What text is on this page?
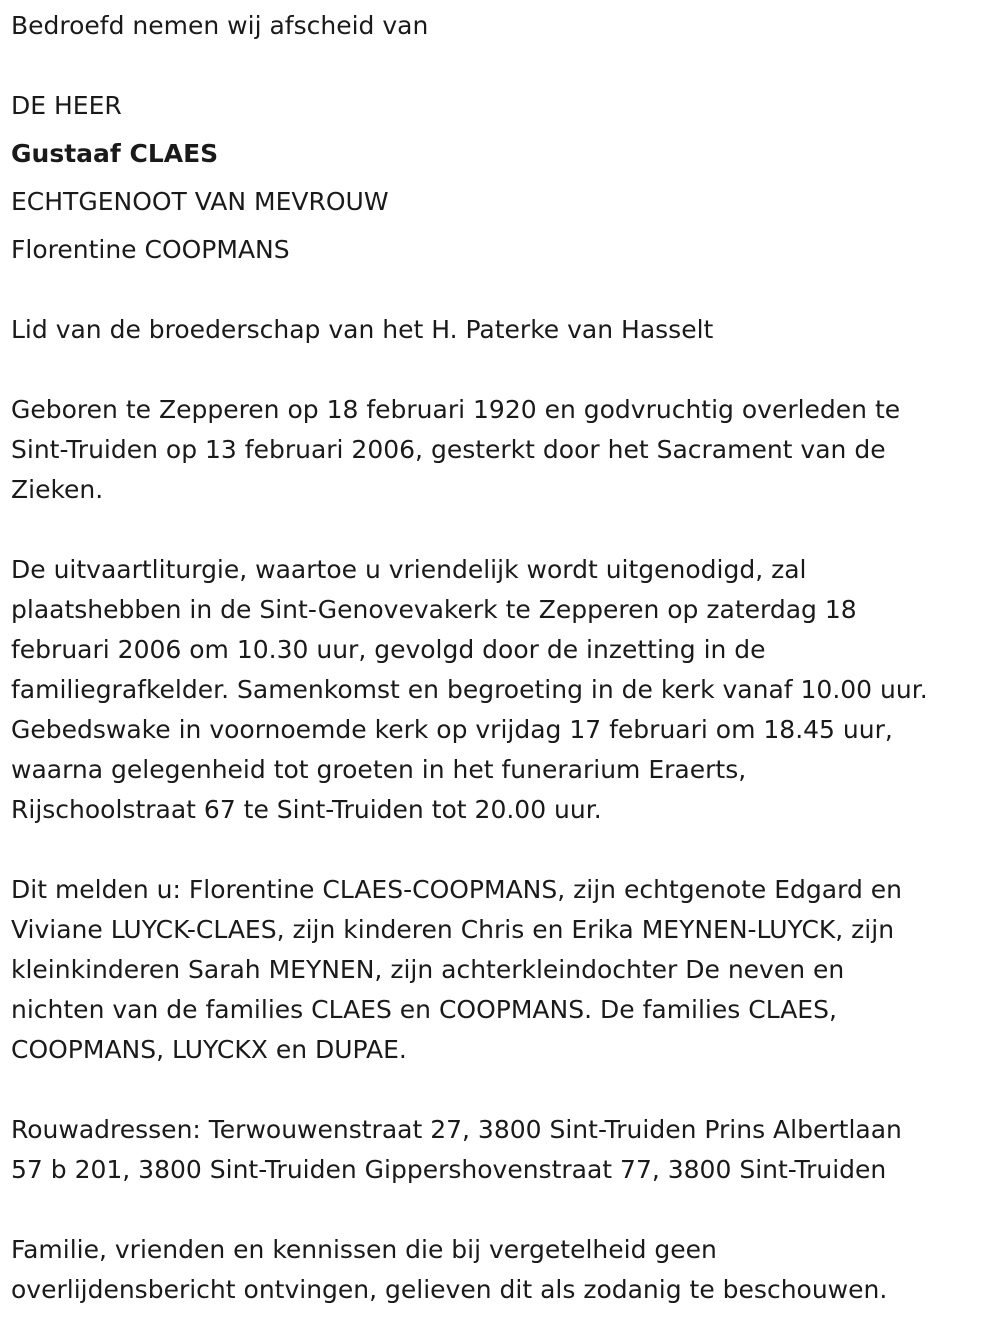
Bedroefd nemen wij afscheid van

DE HEER

Gustaaf CLAES

ECHTGENOOT VAN MEVROUW

Florentine COOPMANS

Lid van de broederschap van het H. Paterke van Hasselt

Geboren te Zepperen op 18 februari 1920 en godvruchtig overleden te
Sint-Truiden op 13 februari 2006, gesterkt door het Sacrament van de
Zieken.
De uitvaartliturgie, waartoe u vriendelijk wordt uitgenodigd, zal
plaatshebben in de Sint-Genovevakerk te Zepperen op zaterdag 18
februari 2006 om 10.30 uur, gevolgd door de inzetting in de
familiegrafkelder. Samenkomst en begroeting in de kerk vanaf 10.00 uur.
Gebedswake in voornoemde kerk op vrijdag 17 februari om 18.45 uur,
waarna gelegenheid tot groeten in het funerarium Eraerts,
Rijschoolstraat 67 te Sint-Truiden tot 20.00 uur.
Dit melden u: Florentine CLAES-COOPMANS, zijn echtgenote Edgard en
Viviane LUYCK-CLAES, zijn kinderen Chris en Erika MEYNEN-LUYCK, zijn
kleinkinderen Sarah MEYNEN, zijn achterkleindochter De neven en
nichten van de families CLAES en COOPMANS. De families CLAES,
COOPMANS, LUYCKX en DUPAE.
Rouwadressen: Terwouwenstraat 27, 3800 Sint-Truiden Prins Albertlaan
57 b 201, 3800 Sint-Truiden Gippershovenstraat 77, 3800 Sint-Truiden
Familie, vrienden en kennissen die bij vergetelheid geen
overlijdensbericht ontvingen, gelieven dit als zodanig te beschouwen.
